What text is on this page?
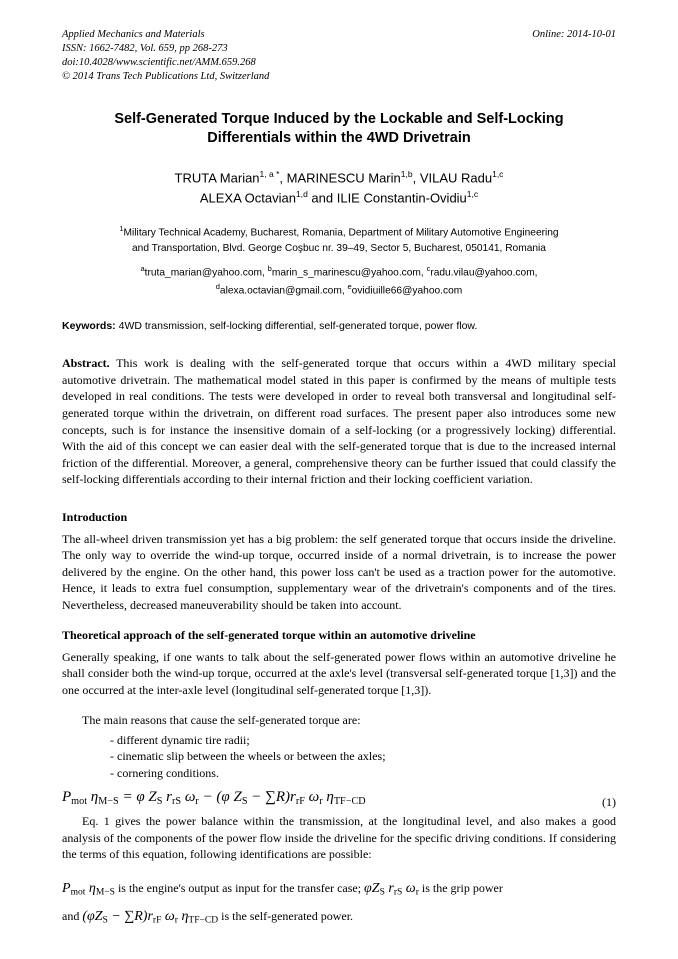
Applied Mechanics and Materials
ISSN: 1662-7482, Vol. 659, pp 268-273
doi:10.4028/www.scientific.net/AMM.659.268
© 2014 Trans Tech Publications Ltd, Switzerland
Online: 2014-10-01
Self-Generated Torque Induced by the Lockable and Self-Locking Differentials within the 4WD Drivetrain
TRUTA Marian$^{1, a *}$, MARINESCU Marin$^{1,b}$, VILAU Radu$^{1,c}$
ALEXA Octavian$^{1,d}$ and ILIE Constantin-Ovidiu$^{1,c}$
$^1$Military Technical Academy, Bucharest, Romania, Department of Military Automotive Engineering
and Transportation, Blvd. George Coşbuc nr. 39–49, Sector 5, Bucharest, 050141, Romania
$^a$truta_marian@yahoo.com, $^b$marin_s_marinescu@yahoo.com, $^c$radu.vilau@yahoo.com,
$^d$alexa.octavian@gmail.com, $^e$ovidiuille66@yahoo.com
Keywords: 4WD transmission, self-locking differential, self-generated torque, power flow.
Abstract. This work is dealing with the self-generated torque that occurs within a 4WD military special automotive drivetrain. The mathematical model stated in this paper is confirmed by the means of multiple tests developed in real conditions. The tests were developed in order to reveal both transversal and longitudinal self-generated torque within the drivetrain, on different road surfaces. The present paper also introduces some new concepts, such is for instance the insensitive domain of a self-locking (or a progressively locking) differential. With the aid of this concept we can easier deal with the self-generated torque that is due to the increased internal friction of the differential. Moreover, a general, comprehensive theory can be further issued that could classify the self-locking differentials according to their internal friction and their locking coefficient variation.
Introduction

The all-wheel driven transmission yet has a big problem: the self generated torque that occurs inside the driveline. The only way to override the wind-up torque, occurred inside of a normal drivetrain, is to increase the power delivered by the engine. On the other hand, this power loss can't be used as a traction power for the automotive. Hence, it leads to extra fuel consumption, supplementary wear of the drivetrain's components and of the tires. Nevertheless, decreased maneuverability should be taken into account.

Theoretical approach of the self-generated torque within an automotive driveline

Generally speaking, if one wants to talk about the self-generated power flows within an automotive driveline he shall consider both the wind-up torque, occurred at the axle's level (transversal self-generated torque [1,3]) and the one occurred at the inter-axle level (longitudinal self-generated torque [1,3]).

The main reasons that cause the self-generated torque are:

- different dynamic tire radii;
- cinematic slip between the wheels or between the axles;
- cornering conditions.
$P_{mot}$ $\eta_{M-S} = \varphi$ $Z_S$ $r_{rS}$ $\omega_r - (\varphi$ $Z_S - \sum R)r_{rF}$ $\omega_r$ $\eta_{TF-CD}$	(1)

Eq. 1 gives the power balance within the transmission, at the longitudinal level, and also makes a good analysis of the components of the power flow inside the driveline for the specific driving conditions. If considering the terms of this equation, following identifications are possible:

$P_{mot}$ $\eta_{M-S}$ is the engine's output as input for the transfer case; $\varphi Z_S$ $r_{rS}$ $\omega_r$ is the grip power

and $(\varphi Z_S - \sum R)r_{rF}$ $\omega_r$ $\eta_{TF-CD}$ is the self-generated power.
